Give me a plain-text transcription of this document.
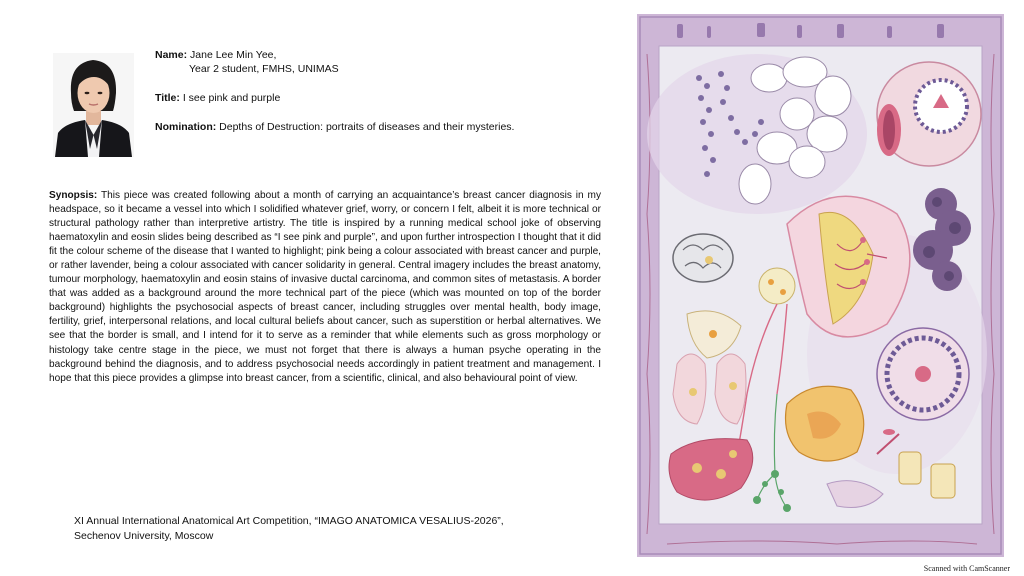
Name: Jane Lee Min Yee,

Year 2 student, FMHS, UNIMAS

Title: I see pink and purple

Nomination: Depths of Destruction: portraits of diseases and their mysteries.

Synopsis: This piece was created following about a month of carrying an acquaintance’s breast cancer diagnosis in my headspace, so it became a vessel into which I solidified whatever grief, worry, or concern I felt, albeit it is more technical or structural pathology rather than interpretive artistry. The title is inspired by a running medical school joke of observing haematoxylin and eosin slides being described as “I see pink and purple”, and upon further introspection I thought that it did fit the colour scheme of the disease that I wanted to highlight; pink being a colour associated with breast cancer and purple, or rather lavender, being a colour associated with cancer solidarity in general. Central imagery includes the breast anatomy, tumour morphology, haematoxylin and eosin stains of invasive ductal carcinoma, and common sites of metastasis. A border that was added as a background around the more technical part of the piece (which was mounted on top of the border background) highlights the psychosocial aspects of breast cancer, including struggles over mental health, body image, fertility, grief, interpersonal relations, and local cultural beliefs about cancer, such as superstition or herbal alternatives. We see that the border is small, and I intend for it to serve as a reminder that while elements such as gross morphology or histology take centre stage in the piece, we must not forget that there is always a human psyche operating in the background behind the diagnosis, and to address psychosocial needs accordingly in patient treatment and management. I hope that this piece provides a glimpse into breast cancer, from a scientific, clinical, and also behavioural point of view.

XI Annual International Anatomical Art Competition, “IMAGO ANATOMICA VESALIUS-2026”,

Sechenov University, Moscow

Scanned with CamScanner
